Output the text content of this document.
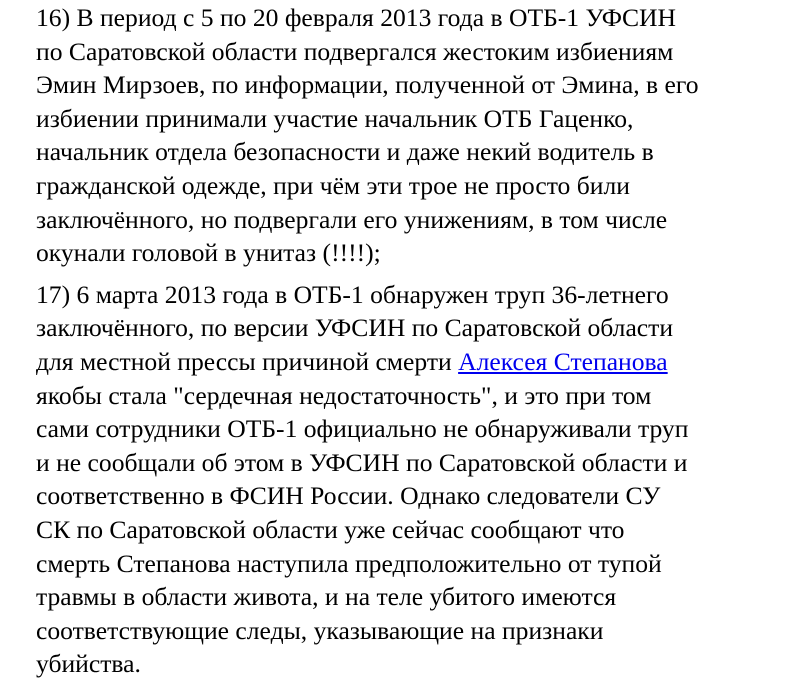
16) В период с 5 по 20 февраля 2013 года в ОТБ-1 УФСИН
по Саратовской области подвергался жестоким избиениям
Эмин Мирзоев, по информации, полученной от Эмина, в его
избиении принимали участие начальник ОТБ Гаценко,
начальник отдела безопасности и даже некий водитель в
гражданской одежде, при чём эти трое не просто били
заключённого, но подвергали его унижениям, в том числе
окунали головой в унитаз (!!!!);

17) 6 марта 2013 года в ОТБ-1 обнаружен труп 36-летнего
заключённого, по версии УФСИН по Саратовской области
для местной прессы причиной смерти Алексея Степанова
якобы стала "сердечная недостаточность", и это при том
сами сотрудники ОТБ-1 официально не обнаруживали труп
и не сообщали об этом в УФСИН по Саратовской области и
соответственно в ФСИН России. Однако следователи СУ
СК по Саратовской области уже сейчас сообщают что
смерть Степанова наступила предположительно от тупой
травмы в области живота, и на теле убитого имеются
соответствующие следы, указывающие на признаки
убийства.
